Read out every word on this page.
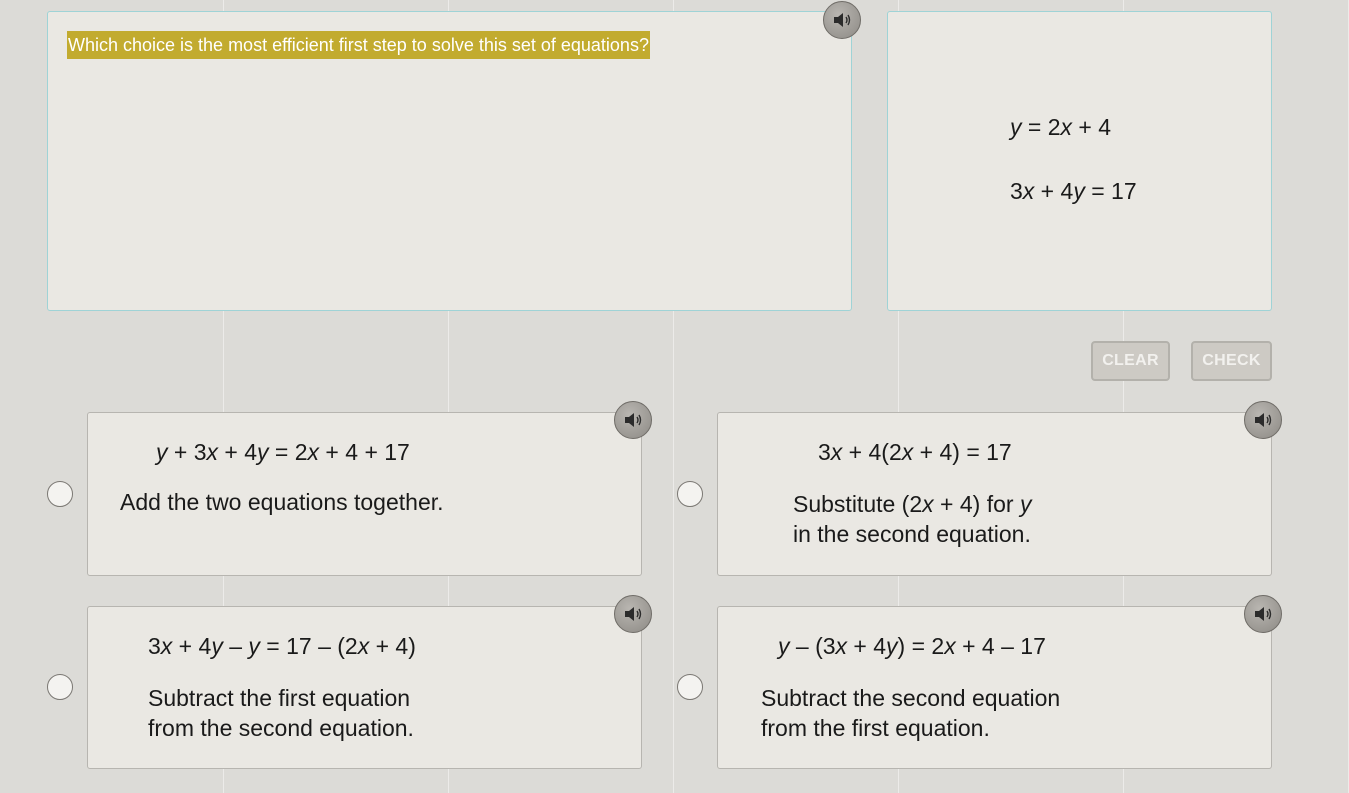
Which choice is the most efficient first step to solve this set of equations?
y = 2x + 4
3x + 4y = 17
CLEAR	CHECK
y + 3x + 4y = 2x + 4 + 17
Add the two equations together.
3x + 4(2x + 4) = 17
Substitute (2x + 4) for y
in the second equation.
3x + 4y – y = 17 – (2x + 4)
Subtract the first equation
from the second equation.
y – (3x + 4y) = 2x + 4 – 17
Subtract the second equation
from the first equation.
